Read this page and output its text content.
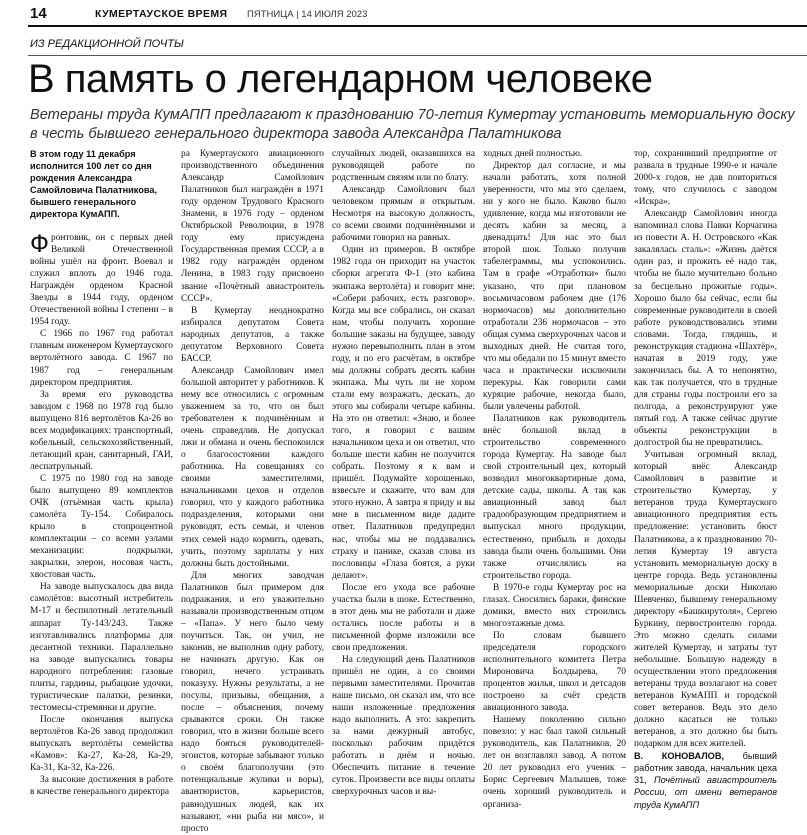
14	КУМЕРТАУСКОЕ ВРЕМЯ ПЯТНИЦА | 14 ИЮЛЯ 2023
ИЗ РЕДАКЦИОННОЙ ПОЧТЫ
В память о легендарном человеке
Ветераны труда КумАПП предлагают к празднованию 70-летия Кумертау установить мемориальную доску в честь бывшего генерального директора завода Александра Палатникова

В этом году 11 декабря исполнится 100 лет со дня рождения Александра Самойловича Палатникова, бывшего генерального директора КумАПП.

Фронтовик, он с первых дней Великой Отечественной войны ушёл на фронт. Воевал и служил вплоть до 1946 года. Награждён орденом Красной Звезды в 1944 году, орденом Отечественной войны I степени – в 1954 году.

С 1966 по 1967 год работал главным инженером Кумертауского вертолётного завода. С 1967 по 1987 год – генеральным директором предприятия.

За время его руководства заводом с 1968 по 1978 год было выпущено 816 вертолётов Ка-26 во всех модификациях: транспортный, кобельный, сельскохозяйственный, летающий кран, санитарный, ГАИ, леспатрульный.

С 1975 по 1980 год на заводе было выпущено 89 комплектов ОЧК (отъёмная часть крыла) самолёта Ту-154. Собиралось крыло в стопроцентной комплектации – со всеми узлами механизации: подкрылки, закрылки, элерон, носовая часть, хвостовая часть.

На заводе выпускалось два вида самолётов: высотный истребитель М-17 и беспилотный летательный аппарат Ту-143/243. Также изготавливались платформы для десантной техники. Параллельно на заводе выпускались товары народного потребления: газовые плиты, гардины, рыбацкие удочки, туристические палатки, резинки, тестомесы-стремянки и другие.

После окончания выпуска вертолётов Ка-26 завод продолжил выпускать вертолёты семейства «Камов»: Ка-27, Ка-28, Ка-29, Ка-31, Ка-32, Ка-226.

За высокие достижения в работе в качестве генерального директора

ра Кумертауского авиационного производственного объединения Александр Самойлович Палатников был награждён в 1971 году орденом Трудового Красного Знамени, в 1976 году – орденом Октябрьской Революции, в 1978 году ему присуждена Государственная премия СССР, а в 1982 году награждён орденом Ленина, в 1983 году присвоено звание «Почётный авиастроитель СССР».

В Кумертау неоднократно избирался депутатом Совета народных депутатов, а также депутатом Верховного Совета БАССР.

Александр Самойлович имел большой авторитет у работников. К нему все относились с огромным уважением за то, что он был требователен к подчинённым и очень справедлив. Не допускал лжи и обмана и очень беспокоился о благосостоянии каждого работника. На совещаниях со своими заместителями, начальниками цехов и отделов говорил, что у каждого работника подразделения, которыми они руководят, есть семьи, и членов этих семей надо кормить, одевать, учить, поэтому зарплаты у них должны быть достойными.

Для многих заводчан Палатников был примером для подражания, и его уважительно называли производственным отцом – «Папа». У него было чему поучиться. Так, он учил, не законив, не выполнив одну работу, не начинать другую. Как он говорил, нечего устраивать показуху. Нужны результаты, а не посулы, призывы, обещания, а после – объяснения, почему срываются сроки. Он также говорил, что в жизни больше всего надо бояться руководителей-эгоистов, которые забывают только о своём благополучии (это потенциальные жулики и воры), авантюристов, карьеристов, равнодушных людей, как их называют, «ни рыба ни мясо», и просто

случайных людей, оказавшихся на руководящей работе по родственным связям или по блату.

Александр Самойлович был человеком прямым и открытым. Несмотря на высокую должность, со всеми своими подчинёнными и рабочими говорил на равных.

Один из примеров. В октябре 1982 года он приходит на участок сборки агрегата Ф-1 (это кабина экипажа вертолёта) и говорит мне: «Собери рабочих, есть разговор». Когда мы все собрались, он сказал нам, чтобы получить хорошие большие заказы на будущее, заводу нужно перевыполнить план в этом году, и по его расчётам, в октябре мы должны собрать десять кабин экипажа. Мы чуть ли не хором стали ему возражать, дескать, до этого мы собирали четыре кабины. На это он ответил: «Знаю, и более того, я говорил с вашим начальником цеха и он ответил, что больше шести кабин не получится собрать. Поэтому я к вам и пришёл. Подумайте хорошенько, взвесьте и скажите, что вам для этого нужно. А завтра я приду и вы мне в письменном виде дадите ответ. Палатников предупредил нас, чтобы мы не поддавались страху и панике, сказав слова из пословицы «Глаза боятся, а руки делают».

После его ухода все рабочие участка были в шоке. Естественно, в этот день мы не работали и даже остались после работы и в письменной форме изложили все свои предложения.

На следующий день Палатников пришёл не один, а со своими первыми заместителями. Прочитав наше письмо, он сказал им, что все наши изложенные предложения надо выполнить. А это: закрепить за нами дежурный автобус, посколько рабочим придётся работать и днём и ночью. Обеспечить питание в течение суток. Произвести все виды оплаты сверхурочных часов и вы-

ходных дней полностью.

Директор дал согласие, и мы начали работать, хотя полной уверенности, что мы это сделаем, ни у кого не было. Каково было удивление, когда мы изготовили не десять кабин за месяц, а двенадцать! Для нас это был второй шок. Только получив табелеграммы, мы успокоились. Там в графе «Отработки» было указано, что при плановом восьмичасовом рабочем дне (176 нормочасов) мы дополнительно отработали 236 нормочасов – это общая сумма сверхурочных часов и выходных дней. Не считая того, что мы обедали по 15 минут вместо часа и практически исключили перекуры. Как говорили сами куряцие рабочие, некогда было, были увлечены работой.

Палатников как руководитель внёс большой вклад в строительство современного города Кумертау. На заводе был свой строительный цех, который возводил многоквартирные дома, детские сады, школы. А так как авиационный завод был градообразующим предприятием и выпускал много продукции, естественно, прибыль и доходы завода были очень большими. Они также отчислялись на строительство города.

В 1970-е годы Кумертау рос на глазах. Сносились бараки, финские домики, вместо них строились многоэтажные дома.

По словам бывшего председателя городского исполнительного комитета Петра Мироновича Болдырева, 70 процентов жилья, школ и детсадов построено за счёт средств авиационного завода.

Нашему поколению сильно повезло: у нас был такой сильный руководитель, как Палатников. 20 лет он возглавлял завод. А потом 20 лет руководил его ученик – Борис Сергеевич Малышев, тоже очень хороший руководитель и организа-

тор, сохранивший предприятие от развала в трудные 1990-е и начале 2000-х годов, не дав повториться тому, что случилось с заводом «Искра».

Александр Самойлович иногда напоминал слова Павки Корчагина из повести А. Н. Островского «Как закалялась сталь»: «Жизнь даётся один раз, и прожить её надо так, чтобы не было мучительно больно за бесцельно прожитые годы». Хорошо было бы сейчас, если бы современные руководители в своей работе руководствовались этими словами. Тогда, глядишь, и реконструкция стадиона «Шахтёр», начатая в 2019 году, уже закончилась бы. А то непонятно, как так получается, что в трудные для страны годы построили его за полгода, а реконструируют уже пятый год. А также сейчас другие объекты реконструкции в долгострой бы не превратились.

Учитывая огромный вклад, который внёс Александр Самойлович в развитие и строительство Кумертау, у ветеранов труда Кумертауского авиационного предприятия есть предложение: установить бюст Палатникова, а к празднованию 70-летия Кумертау 19 августа установить мемориальную доску в центре города. Ведь установлены мемориальные доски Николаю Шевченко, бывшему генеральному директору «Башкирутоля», Сергею Буркину, первостроителю города. Это можно сделать силами жителей Кумертау, и затраты тут небольшие. Большую надежду в осуществлении этого предложения ветераны труда возлагают на совет ветеранов КумАПП и городской совет ветеранов. Ведь это дело должно касаться не только ветеранов, а это должно бы быть подарком для всех жителей.

В. КОНОВАЛОВ, бывший работник завода, начальник цеха 31, Почётный авиастроитель России, от имени ветеранов труда КумАПП
